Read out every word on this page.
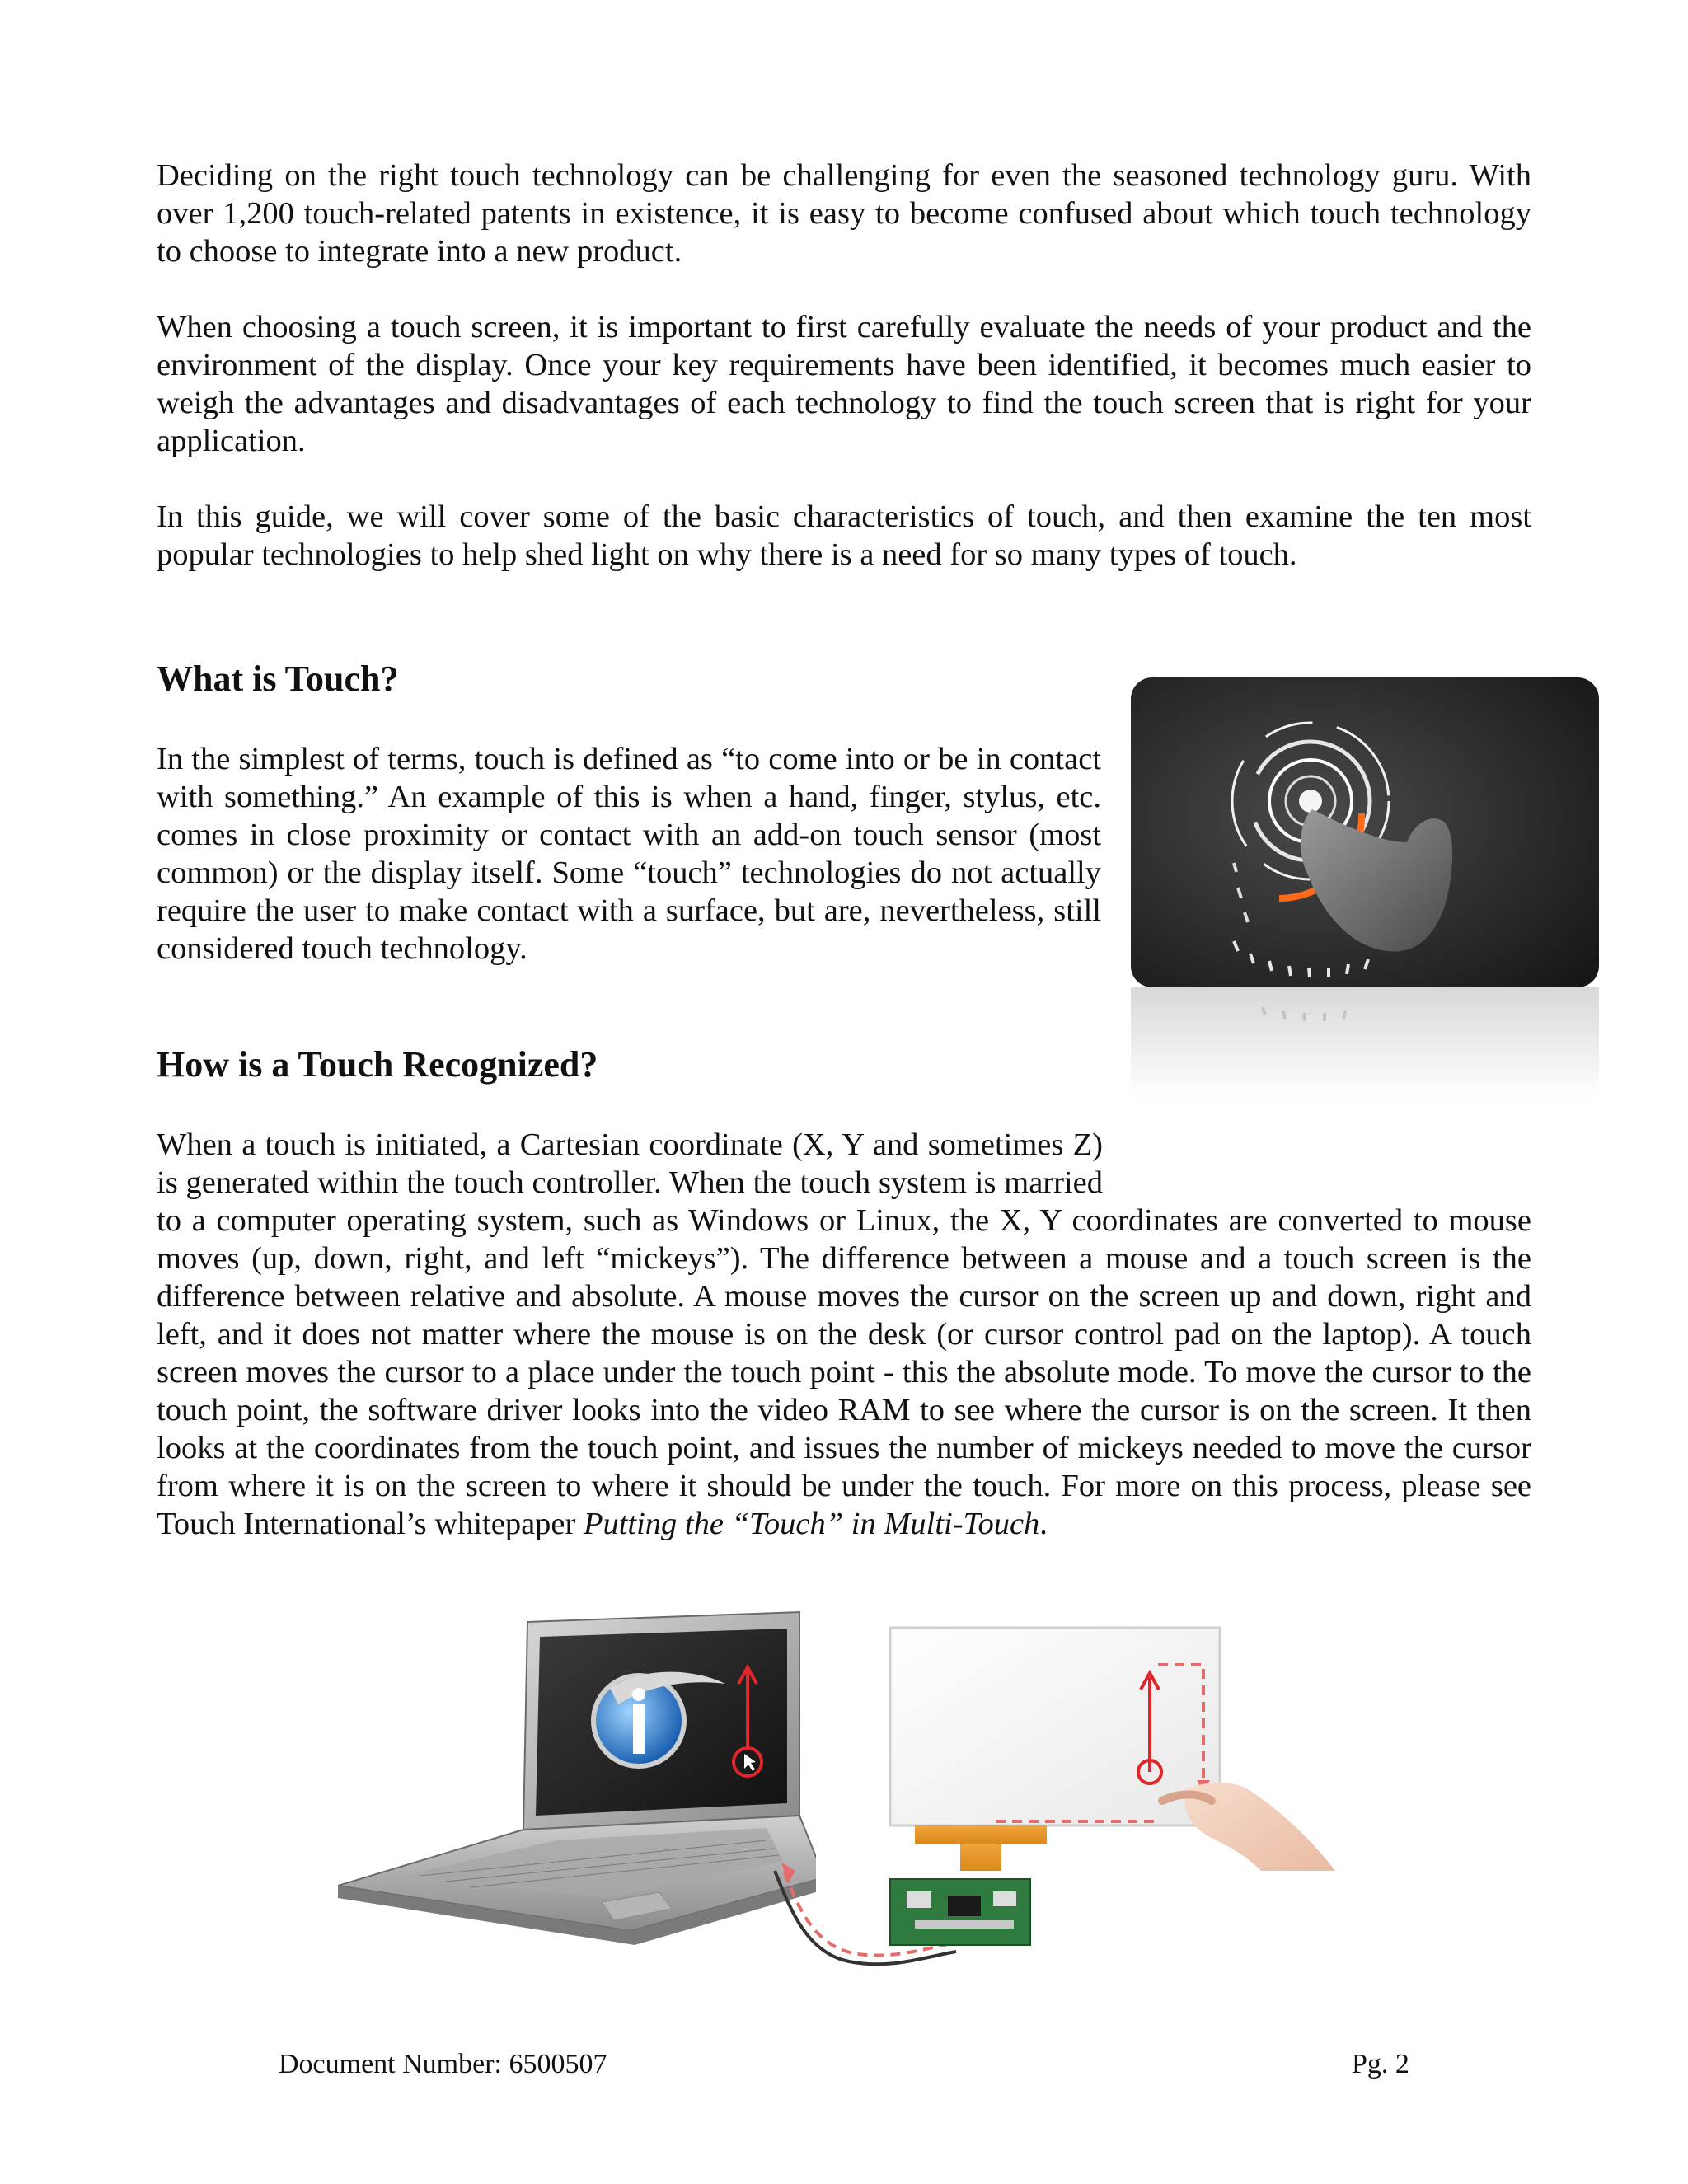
Deciding on the right touch technology can be challenging for even the seasoned technology guru. With over 1,200 touch-related patents in existence, it is easy to become confused about which touch technology to choose to integrate into a new product.

When choosing a touch screen, it is important to first carefully evaluate the needs of your product and the environment of the display. Once your key requirements have been identified, it becomes much easier to weigh the advantages and disadvantages of each technology to find the touch screen that is right for your application.

In this guide, we will cover some of the basic characteristics of touch, and then examine the ten most popular technologies to help shed light on why there is a need for so many types of touch.

What is Touch?

In the simplest of terms, touch is defined as “to come into or be in contact with something.” An example of this is when a hand, finger, stylus, etc. comes in close proximity or contact with an add-on touch sensor (most common) or the display itself. Some “touch” technologies do not actually require the user to make contact with a surface, but are, nevertheless, still considered touch technology.

How is a Touch Recognized?

When a touch is initiated, a Cartesian coordinate (X, Y and sometimes Z) is generated within the touch controller. When the touch system is married to a computer operating system, such as Windows or Linux, the X, Y coordinates are converted to mouse moves (up, down, right, and left “mickeys”). The difference between a mouse and a touch screen is the difference between relative and absolute. A mouse moves the cursor on the screen up and down, right and left, and it does not matter where the mouse is on the desk (or cursor control pad on the laptop). A touch screen moves the cursor to a place under the touch point - this the absolute mode. To move the cursor to the touch point, the software driver looks into the video RAM to see where the cursor is on the screen. It then looks at the coordinates from the touch point, and issues the number of mickeys needed to move the cursor from where it is on the screen to where it should be under the touch. For more on this process, please see Touch International’s whitepaper Putting the “Touch” in Multi-Touch.

Document Number: 6500507	Pg. 2
